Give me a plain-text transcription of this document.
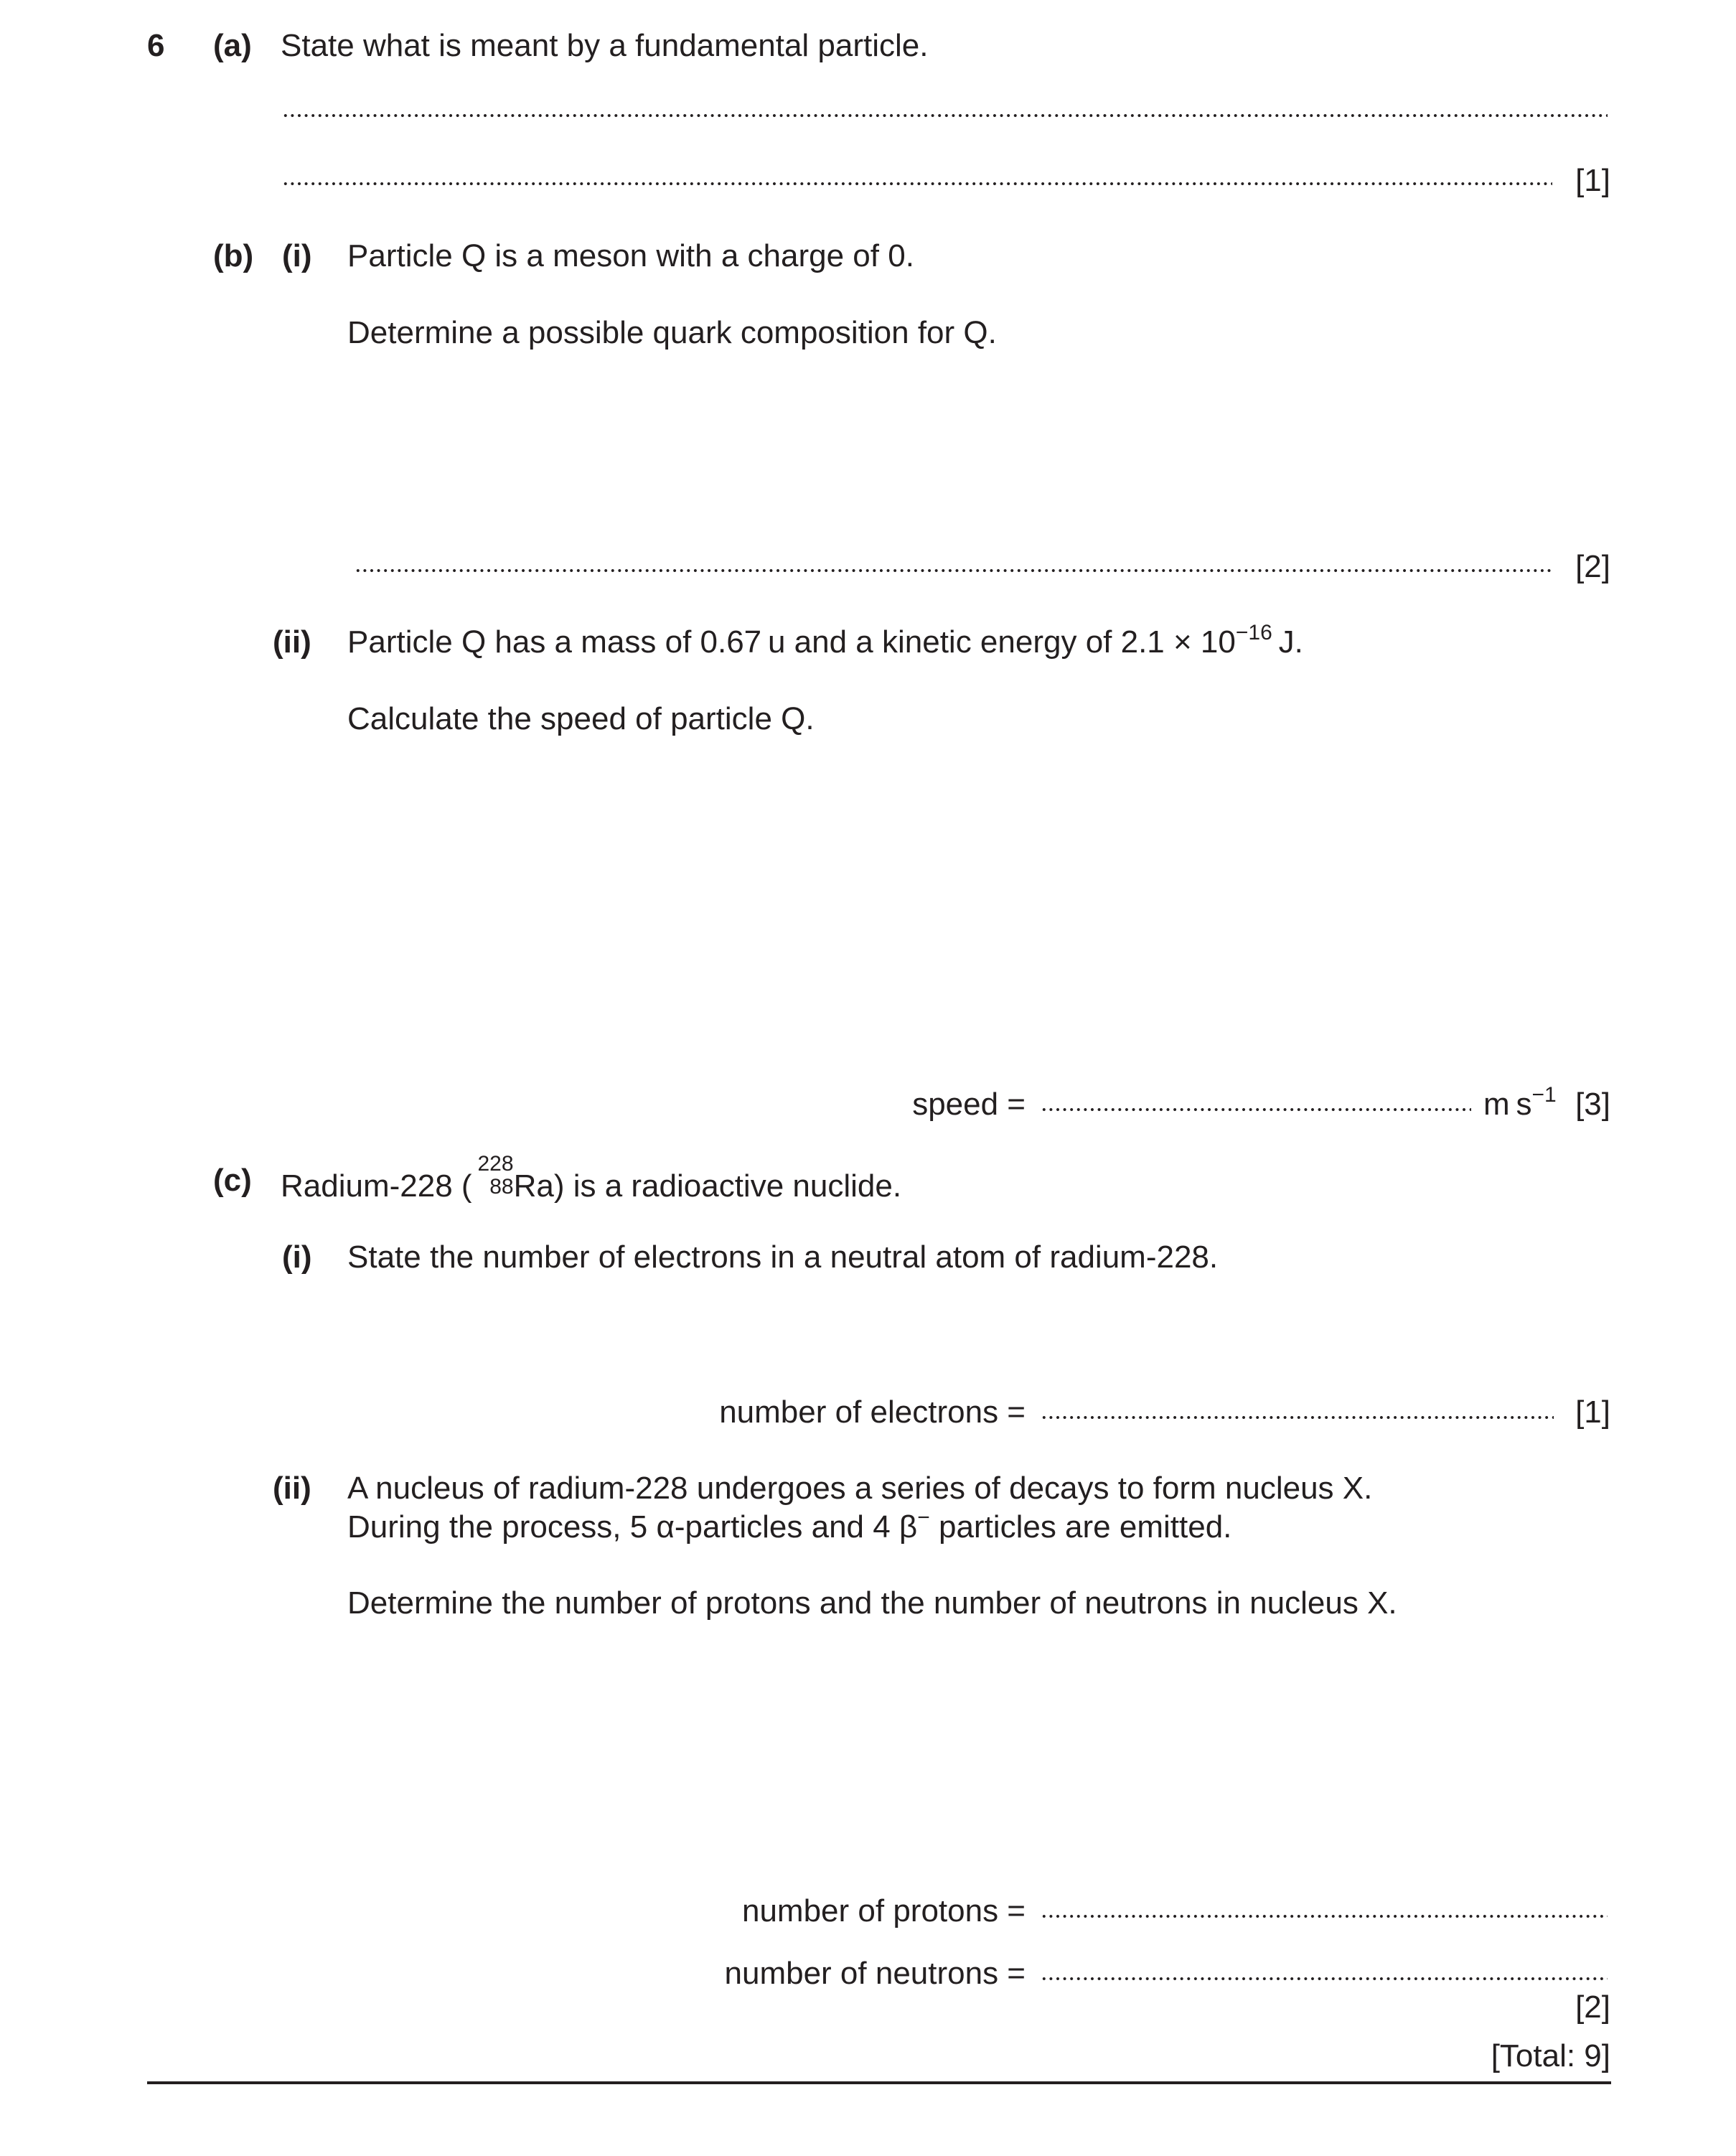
6 (a) State what is meant by a fundamental particle.
[1]
(b) (i) Particle Q is a meson with a charge of 0.
Determine a possible quark composition for Q.
[2]
(ii) Particle Q has a mass of 0.67 u and a kinetic energy of $2.1 \times 10^{-16}$ J.
Calculate the speed of particle Q.
speed =	m $s^{-1}$ [3]
(c) Radium-228 (
228
88 Ra) is a radioactive nuclide.
(i) State the number of electrons in a neutral atom of radium-228.
number of electrons =	[1]
(ii) A nucleus of radium-228 undergoes a series of decays to form nucleus X.
During the process, 5 α-particles and 4 β− particles are emitted.
Determine the number of protons and the number of neutrons in nucleus X.
number of protons =
number of neutrons =
[2]
[Total: 9]
